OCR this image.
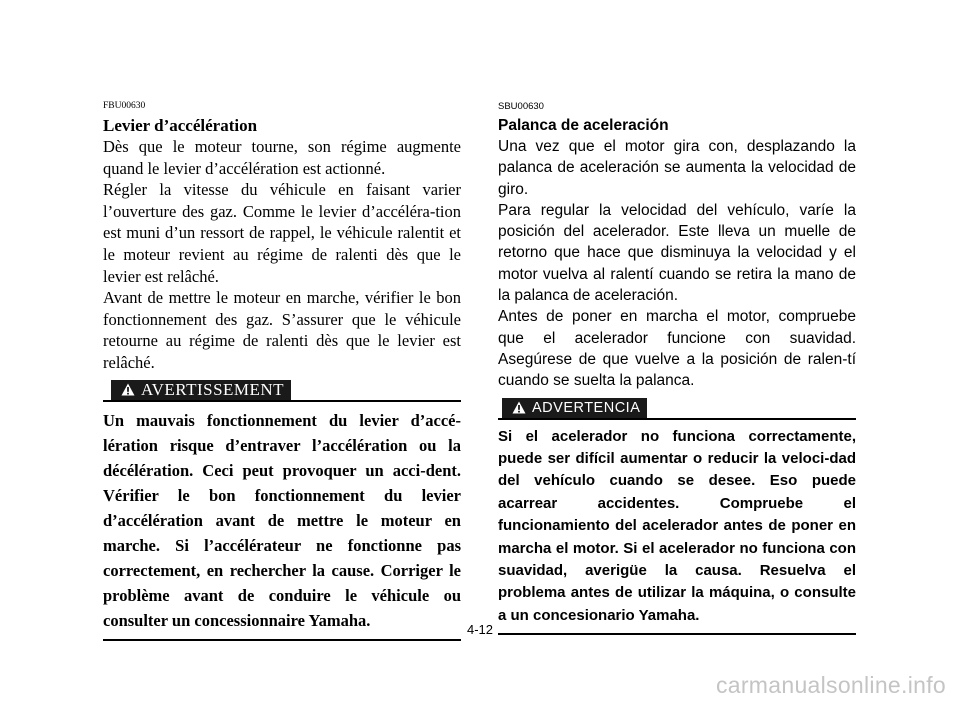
FBU00630

Levier d’accélération

Dès que le moteur tourne, son régime augmente quand le levier d’accélération est actionné.

Régler la vitesse du véhicule en faisant varier l’ouverture des gaz. Comme le levier d’accéléra-tion est muni d’un ressort de rappel, le véhicule ralentit et le moteur revient au régime de ralenti dès que le levier est relâché.

Avant de mettre le moteur en marche, vérifier le bon fonctionnement des gaz. S’assurer que le véhicule retourne au régime de ralenti dès que le levier est relâché.

AVERTISSEMENT

Un mauvais fonctionnement du levier d’accé-lération risque d’entraver l’accélération ou la décélération. Ceci peut provoquer un acci-dent. Vérifier le bon fonctionnement du levier d’accélération avant de mettre le moteur en marche. Si l’accélérateur ne fonctionne pas correctement, en rechercher la cause. Corriger le problème avant de conduire le véhicule ou consulter un concessionnaire Yamaha.

SBU00630

Palanca de aceleración

Una vez que el motor gira con, desplazando la palanca de aceleración se aumenta la velocidad de giro.

Para regular la velocidad del vehículo, varíe la posición del acelerador. Este lleva un muelle de retorno que hace que disminuya la velocidad y el motor vuelva al ralentí cuando se retira la mano de la palanca de aceleración.

Antes de poner en marcha el motor, compruebe que el acelerador funcione con suavidad. Asegúrese de que vuelve a la posición de ralen-tí cuando se suelta la palanca.

ADVERTENCIA

Si el acelerador no funciona correctamente, puede ser difícil aumentar o reducir la veloci-dad del vehículo cuando se desee. Eso puede acarrear accidentes. Compruebe el funcionamiento del acelerador antes de poner en marcha el motor. Si el acelerador no funciona con suavidad, averigüe la causa. Resuelva el problema antes de utilizar la máquina, o consulte a un concesionario Yamaha.

4-12
carmanualsonline.info
